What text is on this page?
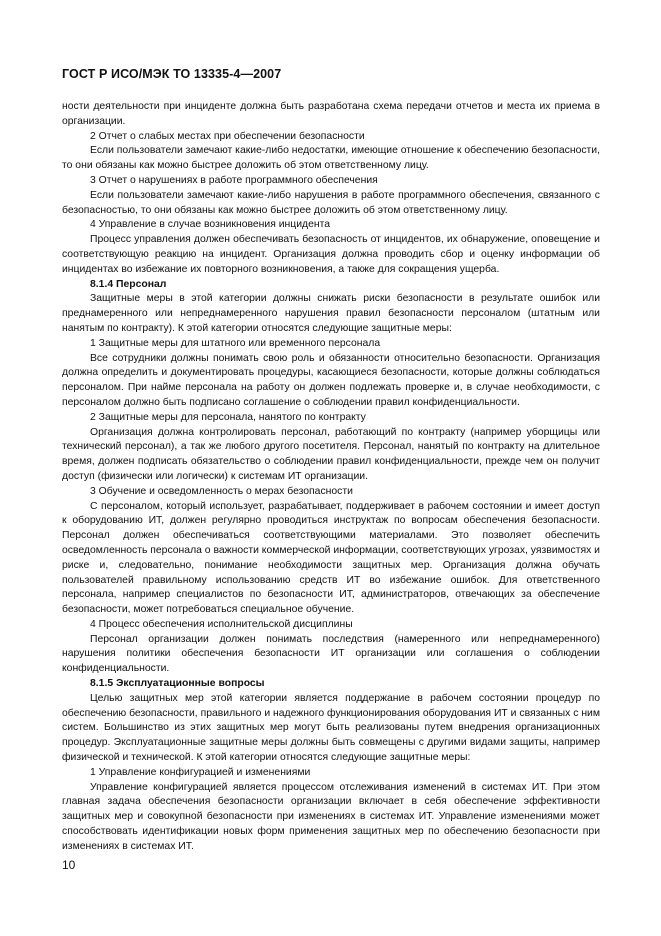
ГОСТ Р ИСО/МЭК ТО 13335-4—2007

ности деятельности при инциденте должна быть разработана схема передачи отчетов и места их приема в организации.

2 Отчет о слабых местах при обеспечении безопасности

Если пользователи замечают какие-либо недостатки, имеющие отношение к обеспечению безопасности, то они обязаны как можно быстрее доложить об этом ответственному лицу.

3 Отчет о нарушениях в работе программного обеспечения

Если пользователи замечают какие-либо нарушения в работе программного обеспечения, связанного с безопасностью, то они обязаны как можно быстрее доложить об этом ответственному лицу.

4 Управление в случае возникновения инцидента

Процесс управления должен обеспечивать безопасность от инцидентов, их обнаружение, оповещение и соответствующую реакцию на инцидент. Организация должна проводить сбор и оценку информации об инцидентах во избежание их повторного возникновения, а также для сокращения ущерба.

8.1.4 Персонал

Защитные меры в этой категории должны снижать риски безопасности в результате ошибок или преднамеренного или непреднамеренного нарушения правил безопасности персоналом (штатным или нанятым по контракту). К этой категории относятся следующие защитные меры:

1 Защитные меры для штатного или временного персонала

Все сотрудники должны понимать свою роль и обязанности относительно безопасности. Организация должна определить и документировать процедуры, касающиеся безопасности, которые должны соблюдаться персоналом. При найме персонала на работу он должен подлежать проверке и, в случае необходимости, с персоналом должно быть подписано соглашение о соблюдении правил конфиденциальности.

2 Защитные меры для персонала, нанятого по контракту

Организация должна контролировать персонал, работающий по контракту (например уборщицы или технический персонал), а так же любого другого посетителя. Персонал, нанятый по контракту на длительное время, должен подписать обязательство о соблюдении правил конфиденциальности, прежде чем он получит доступ (физически или логически) к системам ИТ организации.

3 Обучение и осведомленность о мерах безопасности

С персоналом, который использует, разрабатывает, поддерживает в рабочем состоянии и имеет доступ к оборудованию ИТ, должен регулярно проводиться инструктаж по вопросам обеспечения безопасности. Персонал должен обеспечиваться соответствующими материалами. Это позволяет обеспечить осведомленность персонала о важности коммерческой информации, соответствующих угрозах, уязвимостях и риске и, следовательно, понимание необходимости защитных мер. Организация должна обучать пользователей правильному использованию средств ИТ во избежание ошибок. Для ответственного персонала, например специалистов по безопасности ИТ, администраторов, отвечающих за обеспечение безопасности, может потребоваться специальное обучение.

4 Процесс обеспечения исполнительской дисциплины

Персонал организации должен понимать последствия (намеренного или непреднамеренного) нарушения политики обеспечения безопасности ИТ организации или соглашения о соблюдении конфиденциальности.

8.1.5 Эксплуатационные вопросы

Целью защитных мер этой категории является поддержание в рабочем состоянии процедур по обеспечению безопасности, правильного и надежного функционирования оборудования ИТ и связанных с ним систем. Большинство из этих защитных мер могут быть реализованы путем внедрения организационных процедур. Эксплуатационные защитные меры должны быть совмещены с другими видами защиты, например физической и технической. К этой категории относятся следующие защитные меры:

1 Управление конфигурацией и изменениями

Управление конфигурацией является процессом отслеживания изменений в системах ИТ. При этом главная задача обеспечения безопасности организации включает в себя обеспечение эффективности защитных мер и совокупной безопасности при изменениях в системах ИТ. Управление изменениями может способствовать идентификации новых форм применения защитных мер по обеспечению безопасности при изменениях в системах ИТ.

10
